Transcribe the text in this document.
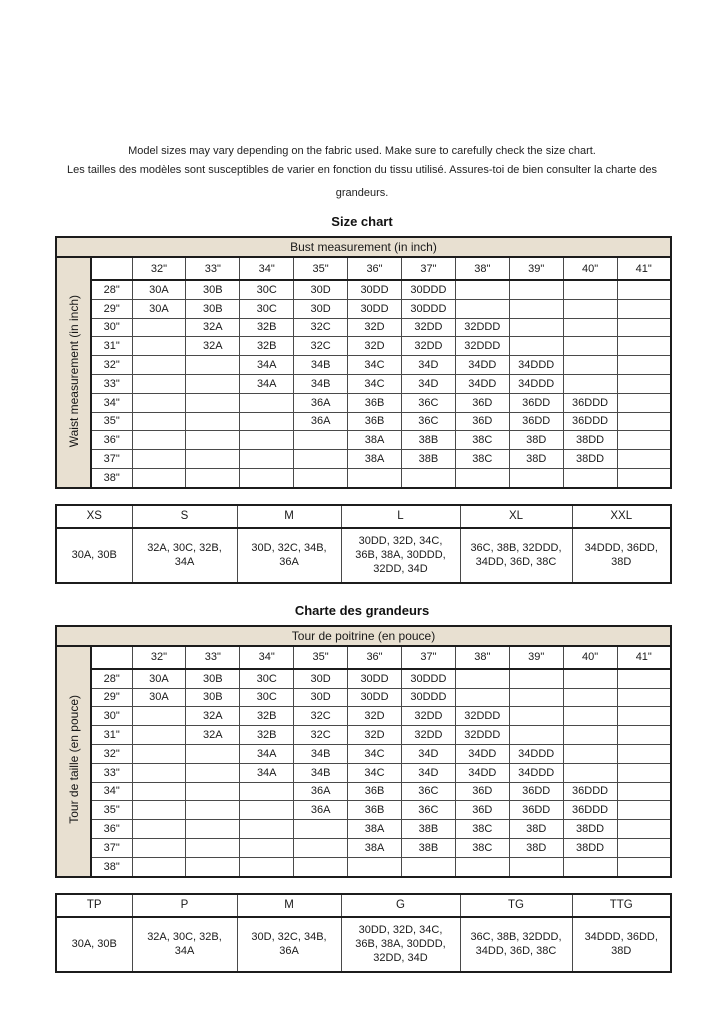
Model sizes may vary depending on the fabric used. Make sure to carefully check the size chart.

Les tailles des modèles sont susceptibles de varier en fonction du tissu utilisé. Assures-toi de bien consulter la charte des grandeurs.

Size chart
Bust measurement (in inch)											
Waist measurement (in inch)		32"	33"	34"	35"	36"	37"	38"	39"	40"	41"
	28"	30A	30B	30C	30D	30DD	30DDD				
	29"	30A	30B	30C	30D	30DD	30DDD				
	30"		32A	32B	32C	32D	32DD	32DDD			
	31"		32A	32B	32C	32D	32DD	32DDD			
	32"			34A	34B	34C	34D	34DD	34DDD		
	33"			34A	34B	34C	34D	34DD	34DDD		
	34"				36A	36B	36C	36D	36DD	36DDD	
	35"				36A	36B	36C	36D	36DD	36DDD	
	36"					38A	38B	38C	38D	38DD	
	37"					38A	38B	38C	38D	38DD	
	38"										
XS	S	M	L	XL	XXL
30A, 30B	32A, 30C, 32B, 34A	30D, 32C, 34B, 36A	30DD, 32D, 34C, 36B, 38A, 30DDD, 32DD, 34D	36C, 38B, 32DDD, 34DD, 36D, 38C	34DDD, 36DD, 38D
Charte des grandeurs
Tour de poitrine (en pouce)											
Tour de taille (en pouce)		32"	33"	34"	35"	36"	37"	38"	39"	40"	41"
	28"	30A	30B	30C	30D	30DD	30DDD				
	29"	30A	30B	30C	30D	30DD	30DDD				
	30"		32A	32B	32C	32D	32DD	32DDD			
	31"		32A	32B	32C	32D	32DD	32DDD			
	32"			34A	34B	34C	34D	34DD	34DDD		
	33"			34A	34B	34C	34D	34DD	34DDD		
	34"				36A	36B	36C	36D	36DD	36DDD	
	35"				36A	36B	36C	36D	36DD	36DDD	
	36"					38A	38B	38C	38D	38DD	
	37"					38A	38B	38C	38D	38DD	
	38"										
TP	P	M	G	TG	TTG
30A, 30B	32A, 30C, 32B, 34A	30D, 32C, 34B, 36A	30DD, 32D, 34C, 36B, 38A, 30DDD, 32DD, 34D	36C, 38B, 32DDD, 34DD, 36D, 38C	34DDD, 36DD, 38D
